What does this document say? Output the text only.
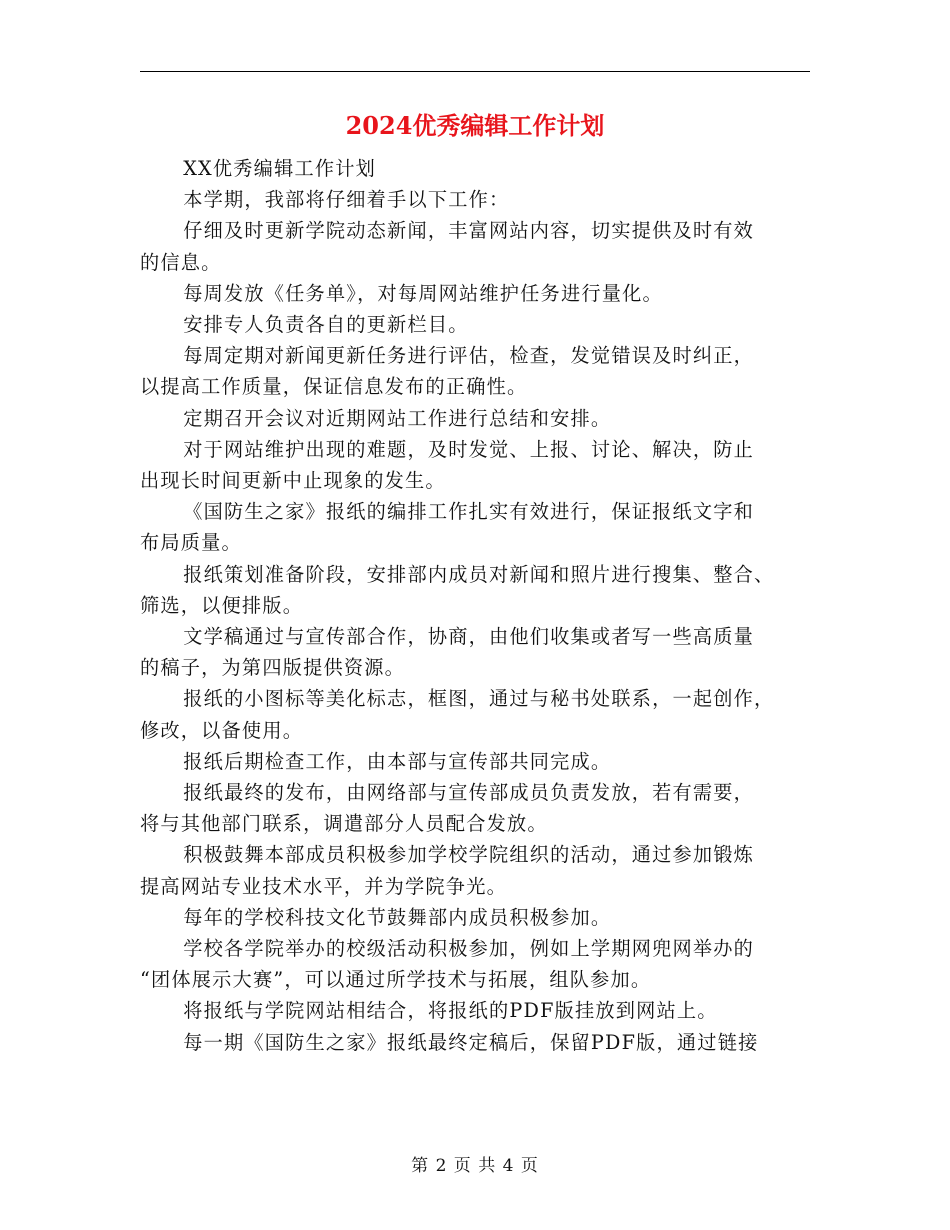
2024优秀编辑工作计划

XX优秀编辑工作计划

本学期，我部将仔细着手以下工作：

仔细及时更新学院动态新闻，丰富网站内容，切实提供及时有效
的信息。

每周发放《任务单》，对每周网站维护任务进行量化。

安排专人负责各自的更新栏目。

每周定期对新闻更新任务进行评估，检查，发觉错误及时纠正，
以提高工作质量，保证信息发布的正确性。

定期召开会议对近期网站工作进行总结和安排。

对于网站维护出现的难题，及时发觉、上报、讨论、解决，防止
出现长时间更新中止现象的发生。

《国防生之家》报纸的编排工作扎实有效进行，保证报纸文字和
布局质量。

报纸策划准备阶段，安排部内成员对新闻和照片进行搜集、整合、
筛选，以便排版。

文学稿通过与宣传部合作，协商，由他们收集或者写一些高质量
的稿子，为第四版提供资源。

报纸的小图标等美化标志，框图，通过与秘书处联系，一起创作，
修改，以备使用。

报纸后期检查工作，由本部与宣传部共同完成。

报纸最终的发布，由网络部与宣传部成员负责发放，若有需要，
将与其他部门联系，调遣部分人员配合发放。

积极鼓舞本部成员积极参加学校学院组织的活动，通过参加锻炼
提高网站专业技术水平，并为学院争光。

每年的学校科技文化节鼓舞部内成员积极参加。

学校各学院举办的校级活动积极参加，例如上学期网兜网举办的
“团体展示大赛”，可以通过所学技术与拓展，组队参加。

将报纸与学院网站相结合，将报纸的PDF版挂放到网站上。

每一期《国防生之家》报纸最终定稿后，保留PDF版，通过链接

第 2 页 共 4 页
